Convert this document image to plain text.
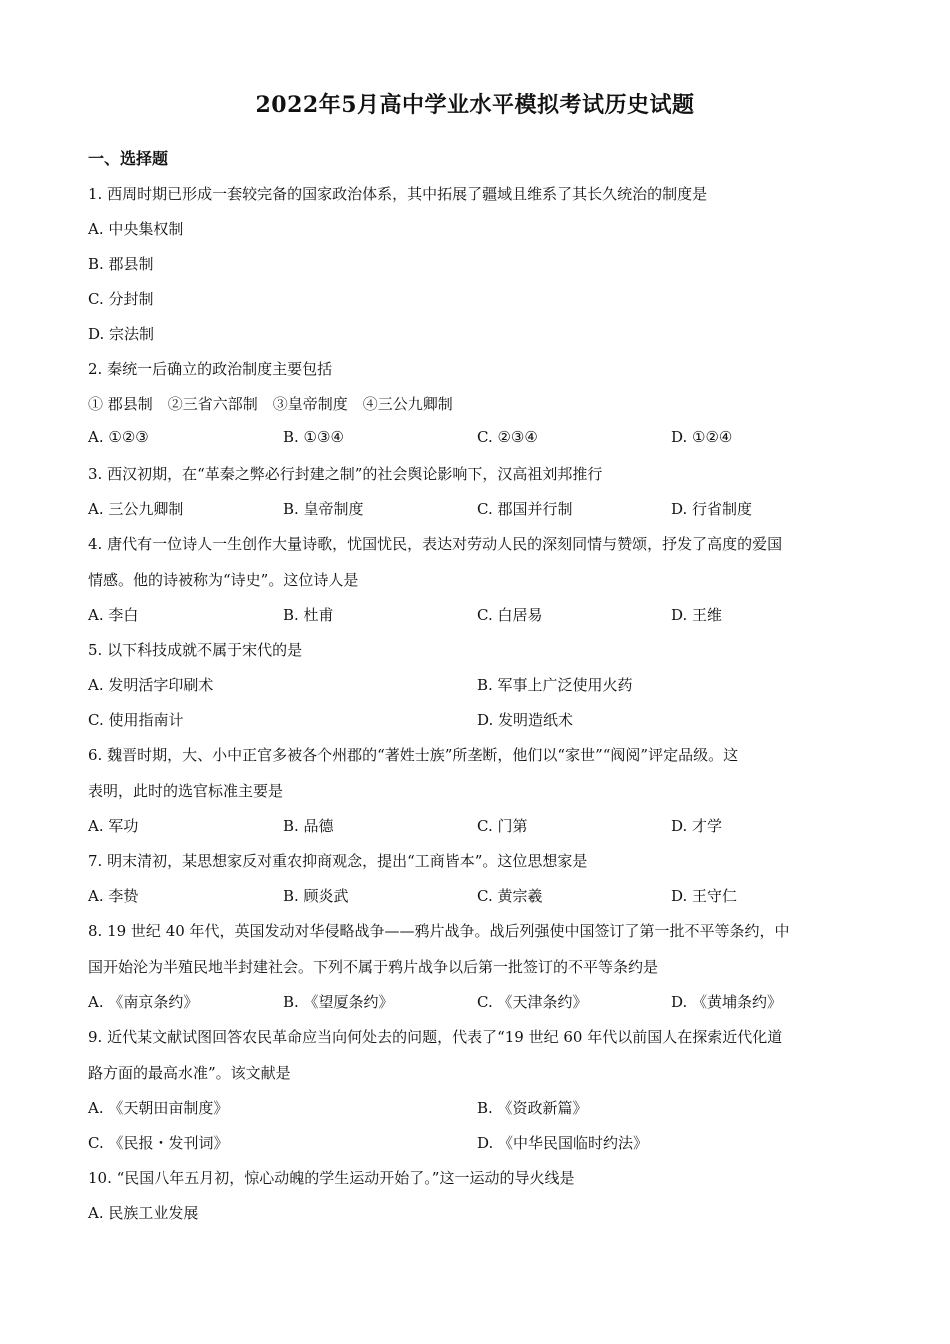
2022年5月高中学业水平模拟考试历史试题
一、选择题
1. 西周时期已形成一套较完备的国家政治体系，其中拓展了疆域且维系了其长久统治的制度是
A. 中央集权制
B. 郡县制
C. 分封制
D. 宗法制
2. 秦统一后确立的政治制度主要包括
① 郡县制　②三省六部制　③皇帝制度　④三公九卿制
A. ①②③	B. ①③④	C. ②③④	D. ①②④
3. 西汉初期，在“革秦之弊必行封建之制”的社会舆论影响下，汉高祖刘邦推行
A. 三公九卿制	B. 皇帝制度	C. 郡国并行制	D. 行省制度
4. 唐代有一位诗人一生创作大量诗歌，忧国忧民，表达对劳动人民的深刻同情与赞颂，抒发了高度的爱国
情感。他的诗被称为“诗史”。这位诗人是
A. 李白	B. 杜甫	C. 白居易	D. 王维
5. 以下科技成就不属于宋代的是
A. 发明活字印刷术	B. 军事上广泛使用火药
C. 使用指南计	D. 发明造纸术
6. 魏晋时期，大、小中正官多被各个州郡的“著姓士族”所垄断，他们以“家世”“阀阅”评定品级。这
表明，此时的选官标准主要是
A. 军功	B. 品德	C. 门第	D. 才学
7. 明末清初，某思想家反对重农抑商观念，提出“工商皆本”。这位思想家是
A. 李贽	B. 顾炎武	C. 黄宗羲	D. 王守仁
8. 19 世纪 40 年代，英国发动对华侵略战争——鸦片战争。战后列强使中国签订了第一批不平等条约，中
国开始沦为半殖民地半封建社会。下列不属于鸦片战争以后第一批签订的不平等条约是
A. 《南京条约》	B. 《望厦条约》	C. 《天津条约》	D. 《黄埔条约》
9. 近代某文献试图回答农民革命应当向何处去的问题，代表了“19 世纪 60 年代以前国人在探索近代化道
路方面的最高水准”。该文献是
A. 《天朝田亩制度》	B. 《资政新篇》
C. 《民报・发刊词》	D. 《中华民国临时约法》
10. “民国八年五月初，惊心动魄的学生运动开始了。”这一运动的导火线是
A. 民族工业发展
